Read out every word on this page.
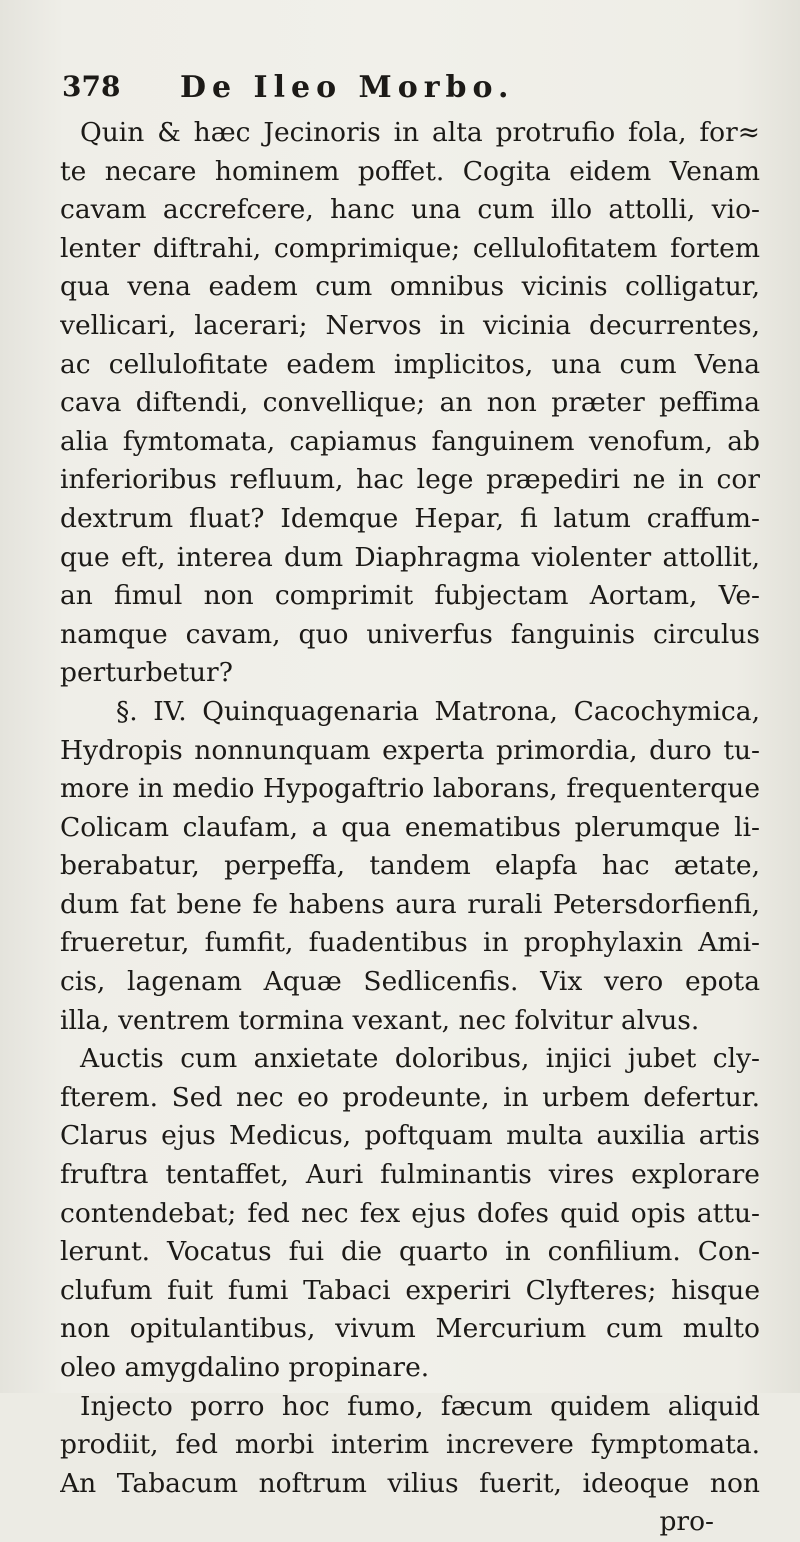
378 De Ileo Morbo.
Quin & hæc Jecinoris in alta protrufio fola, for≈
te necare hominem poffet. Cogita eidem Venam
cavam accrefcere, hanc una cum illo attolli, vio-
lenter diftrahi, comprimique; cellulofitatem fortem
qua vena eadem cum omnibus vicinis colligatur,
vellicari, lacerari; Nervos in vicinia decurrentes,
ac cellulofitate eadem implicitos, una cum Vena
cava diftendi, convellique; an non præter peffima
alia fymtomata, capiamus fanguinem venofum, ab
inferioribus refluum, hac lege præpediri ne in cor
dextrum fluat? Idemque Hepar, fi latum craffum-
que eft, interea dum Diaphragma violenter attollit,
an fimul non comprimit fubjectam Aortam, Ve-
namque cavam, quo univerfus fanguinis circulus
perturbetur?
§. IV. Quinquagenaria Matrona, Cacochymica,
Hydropis nonnunquam experta primordia, duro tu-
more in medio Hypogaftrio laborans, frequenterque
Colicam claufam, a qua enematibus plerumque li-
berabatur, perpeffa, tandem elapfa hac ætate,
dum fat bene fe habens aura rurali Petersdorfienfi,
frueretur, fumfit, fuadentibus in prophylaxin Ami-
cis, lagenam Aquæ Sedlicenfis. Vix vero epota
illa, ventrem tormina vexant, nec folvitur alvus.
Auctis cum anxietate doloribus, injici jubet cly-
fterem. Sed nec eo prodeunte, in urbem defertur.
Clarus ejus Medicus, poftquam multa auxilia artis
fruftra tentaffet, Auri fulminantis vires explorare
contendebat; fed nec fex ejus dofes quid opis attu-
lerunt. Vocatus fui die quarto in confilium. Con-
clufum fuit fumi Tabaci experiri Clyfteres; hisque
non opitulantibus, vivum Mercurium cum multo
oleo amygdalino propinare.
Injecto porro hoc fumo, fæcum quidem aliquid
prodiit, fed morbi interim increvere fymptomata.
An Tabacum noftrum vilius fuerit, ideoque non
pro-
